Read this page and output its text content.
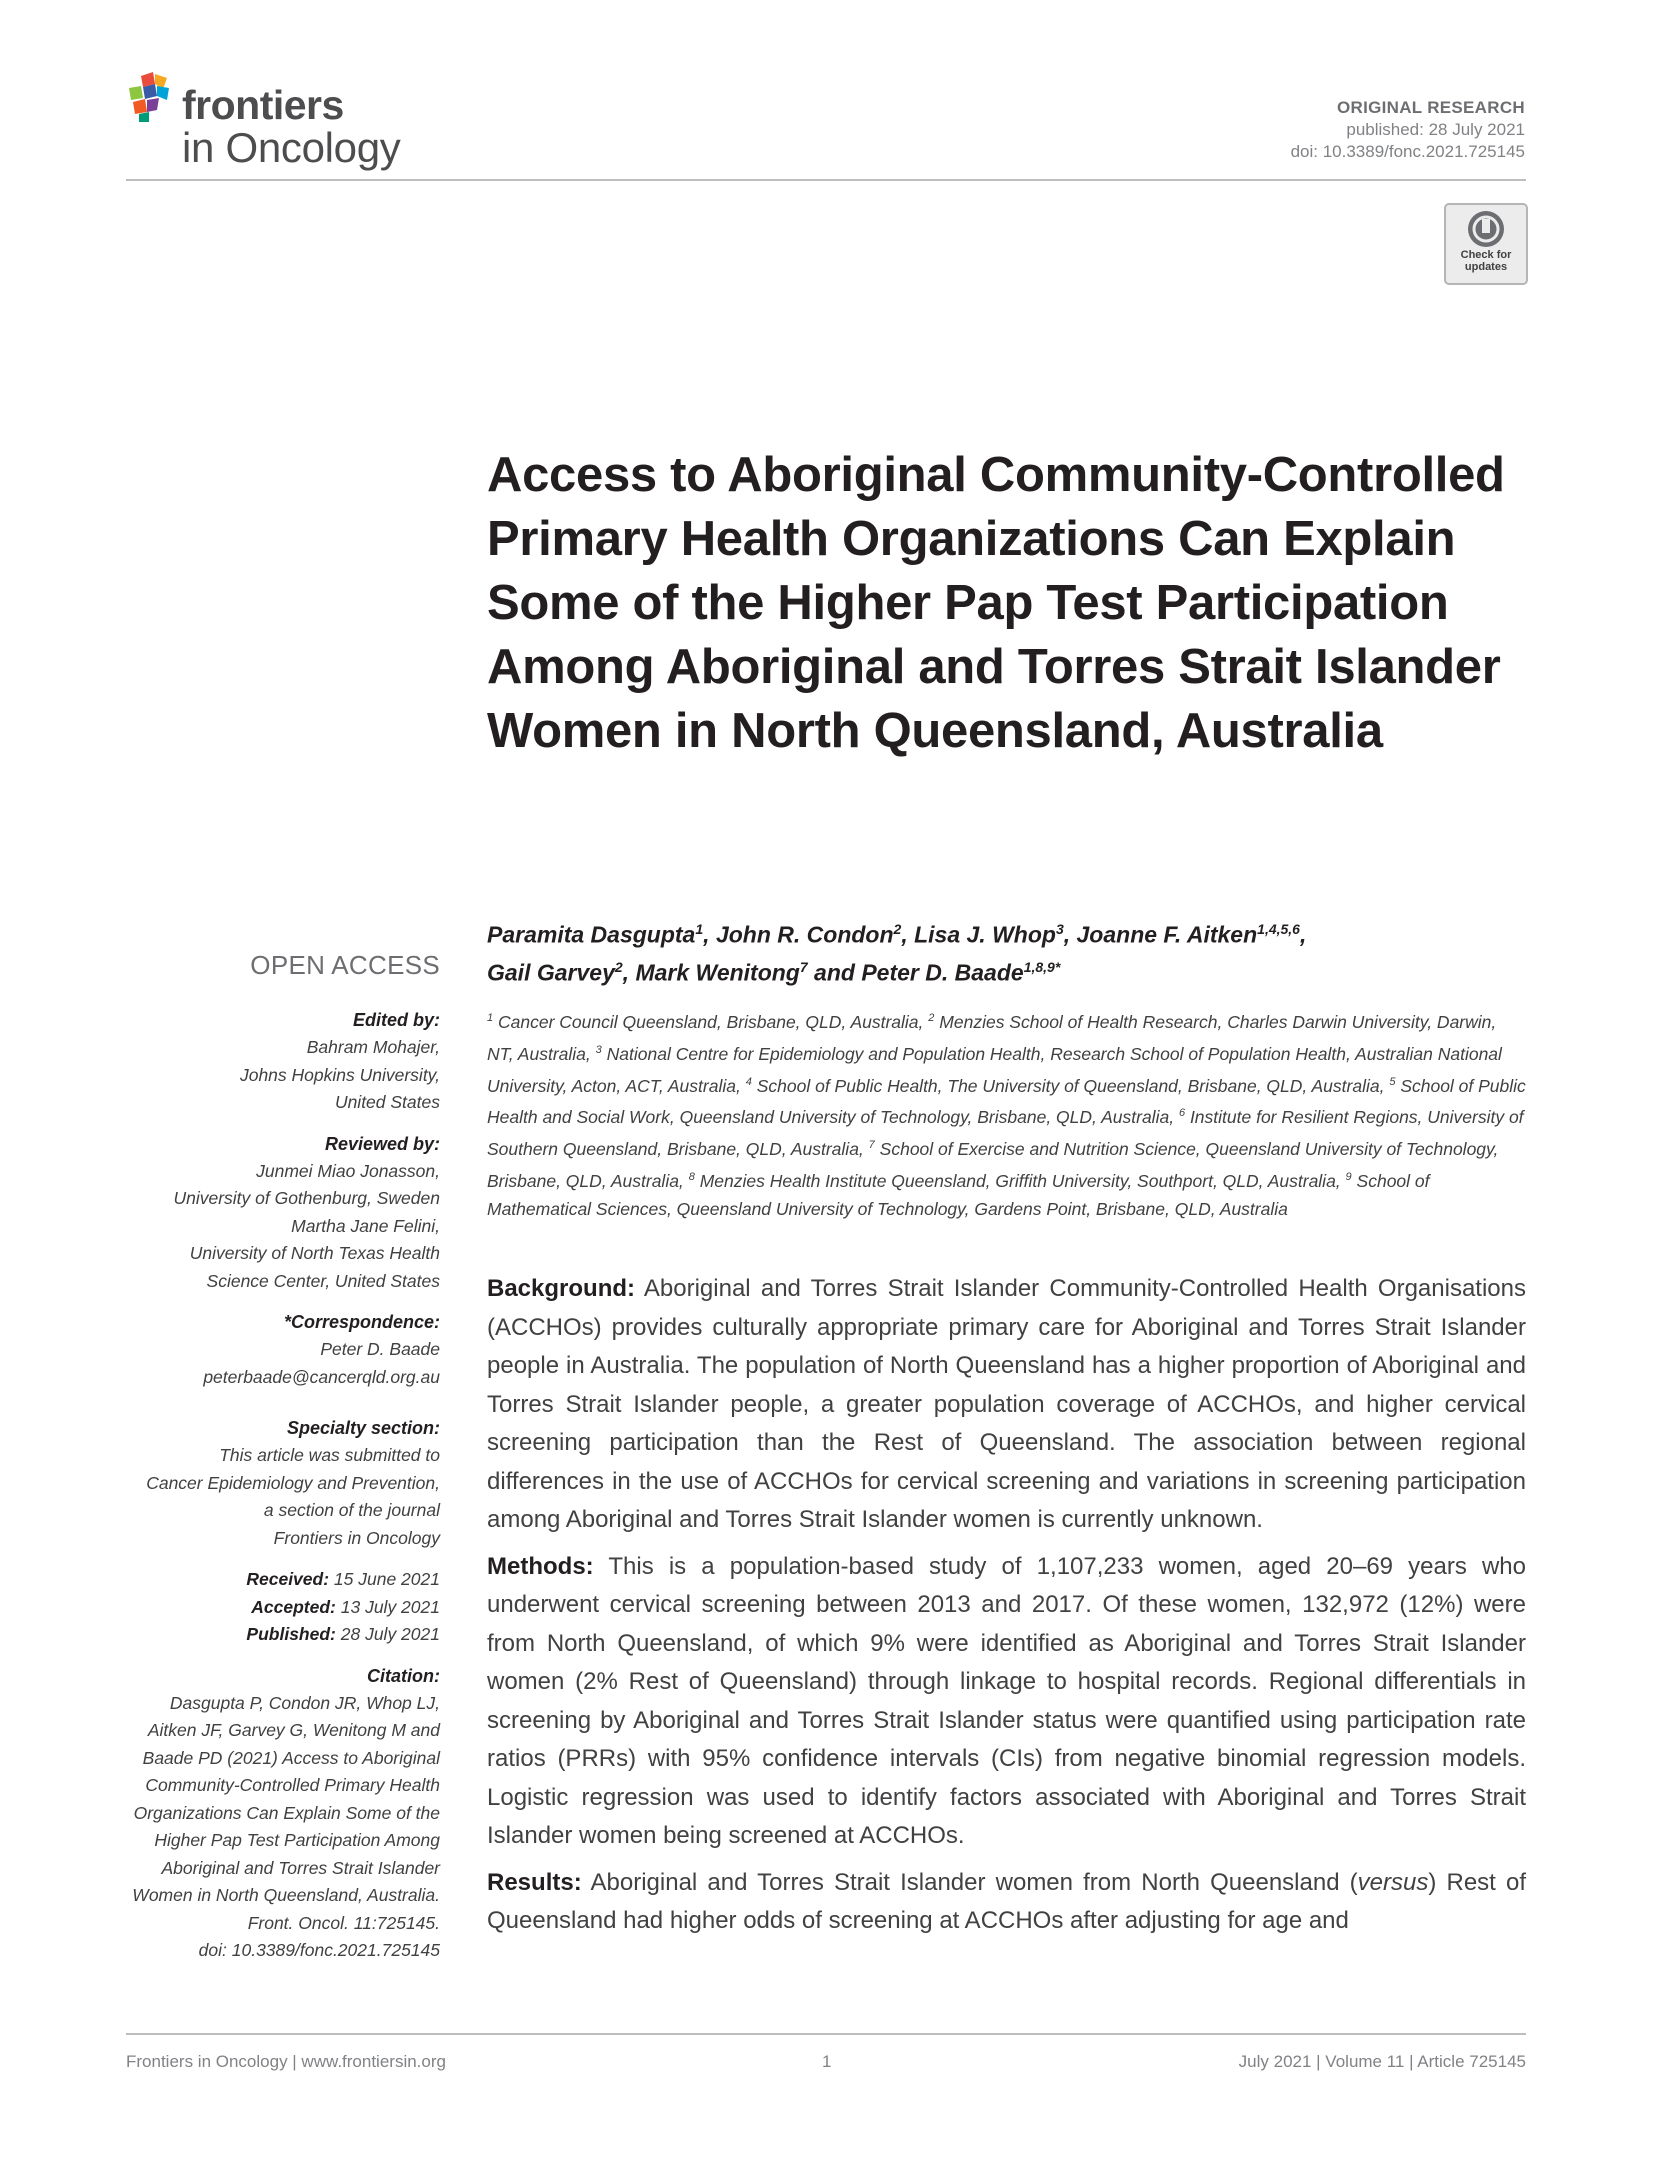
frontiers
in Oncology
ORIGINAL RESEARCH
published: 28 July 2021
doi: 10.3389/fonc.2021.725145
Check for
updates
Access to Aboriginal Community-Controlled Primary Health Organizations Can Explain Some of the Higher Pap Test Participation Among Aboriginal and Torres Strait Islander Women in North Queensland, Australia
Paramita Dasgupta$^1$, John R. Condon$^2$, Lisa J. Whop$^3$, Joanne F. Aitken$^{1,4,5,6}$,
Gail Garvey$^2$, Mark Wenitong$^7$ and Peter D. Baade$^{1,8,9*}$
$^1$ Cancer Council Queensland, Brisbane, QLD, Australia, $^2$ Menzies School of Health Research, Charles Darwin University, Darwin, NT, Australia, $^3$ National Centre for Epidemiology and Population Health, Research School of Population Health, Australian National University, Acton, ACT, Australia, $^4$ School of Public Health, The University of Queensland, Brisbane, QLD, Australia, $^5$ School of Public Health and Social Work, Queensland University of Technology, Brisbane, QLD, Australia, $^6$ Institute for Resilient Regions, University of Southern Queensland, Brisbane, QLD, Australia, $^7$ School of Exercise and Nutrition Science, Queensland University of Technology, Brisbane, QLD, Australia, $^8$ Menzies Health Institute Queensland, Griffith University, Southport, QLD, Australia, $^9$ School of Mathematical Sciences, Queensland University of Technology, Gardens Point, Brisbane, QLD, Australia
OPEN ACCESS
Edited by:
Bahram Mohajer,
Johns Hopkins University,
United States
Reviewed by:
Junmei Miao Jonasson,
University of Gothenburg, Sweden
Martha Jane Felini,
University of North Texas Health
Science Center, United States
*Correspondence:
Peter D. Baade
peterbaade@cancerqld.org.au
Specialty section:
This article was submitted to
Cancer Epidemiology and Prevention,
a section of the journal
Frontiers in Oncology
Received: 15 June 2021
Accepted: 13 July 2021
Published: 28 July 2021
Citation:
Dasgupta P, Condon JR, Whop LJ,
Aitken JF, Garvey G, Wenitong M and
Baade PD (2021) Access to Aboriginal
Community-Controlled Primary Health
Organizations Can Explain Some of the
Higher Pap Test Participation Among
Aboriginal and Torres Strait Islander
Women in North Queensland, Australia.
Front. Oncol. 11:725145.
doi: 10.3389/fonc.2021.725145

Background: Aboriginal and Torres Strait Islander Community-Controlled Health Organisations (ACCHOs) provides culturally appropriate primary care for Aboriginal and Torres Strait Islander people in Australia. The population of North Queensland has a higher proportion of Aboriginal and Torres Strait Islander people, a greater population coverage of ACCHOs, and higher cervical screening participation than the Rest of Queensland. The association between regional differences in the use of ACCHOs for cervical screening and variations in screening participation among Aboriginal and Torres Strait Islander women is currently unknown.

Methods: This is a population-based study of 1,107,233 women, aged 20–69 years who underwent cervical screening between 2013 and 2017. Of these women, 132,972 (12%) were from North Queensland, of which 9% were identified as Aboriginal and Torres Strait Islander women (2% Rest of Queensland) through linkage to hospital records. Regional differentials in screening by Aboriginal and Torres Strait Islander status were quantified using participation rate ratios (PRRs) with 95% confidence intervals (CIs) from negative binomial regression models. Logistic regression was used to identify factors associated with Aboriginal and Torres Strait Islander women being screened at ACCHOs.

Results: Aboriginal and Torres Strait Islander women from North Queensland (versus) Rest of Queensland had higher odds of screening at ACCHOs after adjusting for age and

Frontiers in Oncology | www.frontiersin.org	1	July 2021 | Volume 11 | Article 725145
